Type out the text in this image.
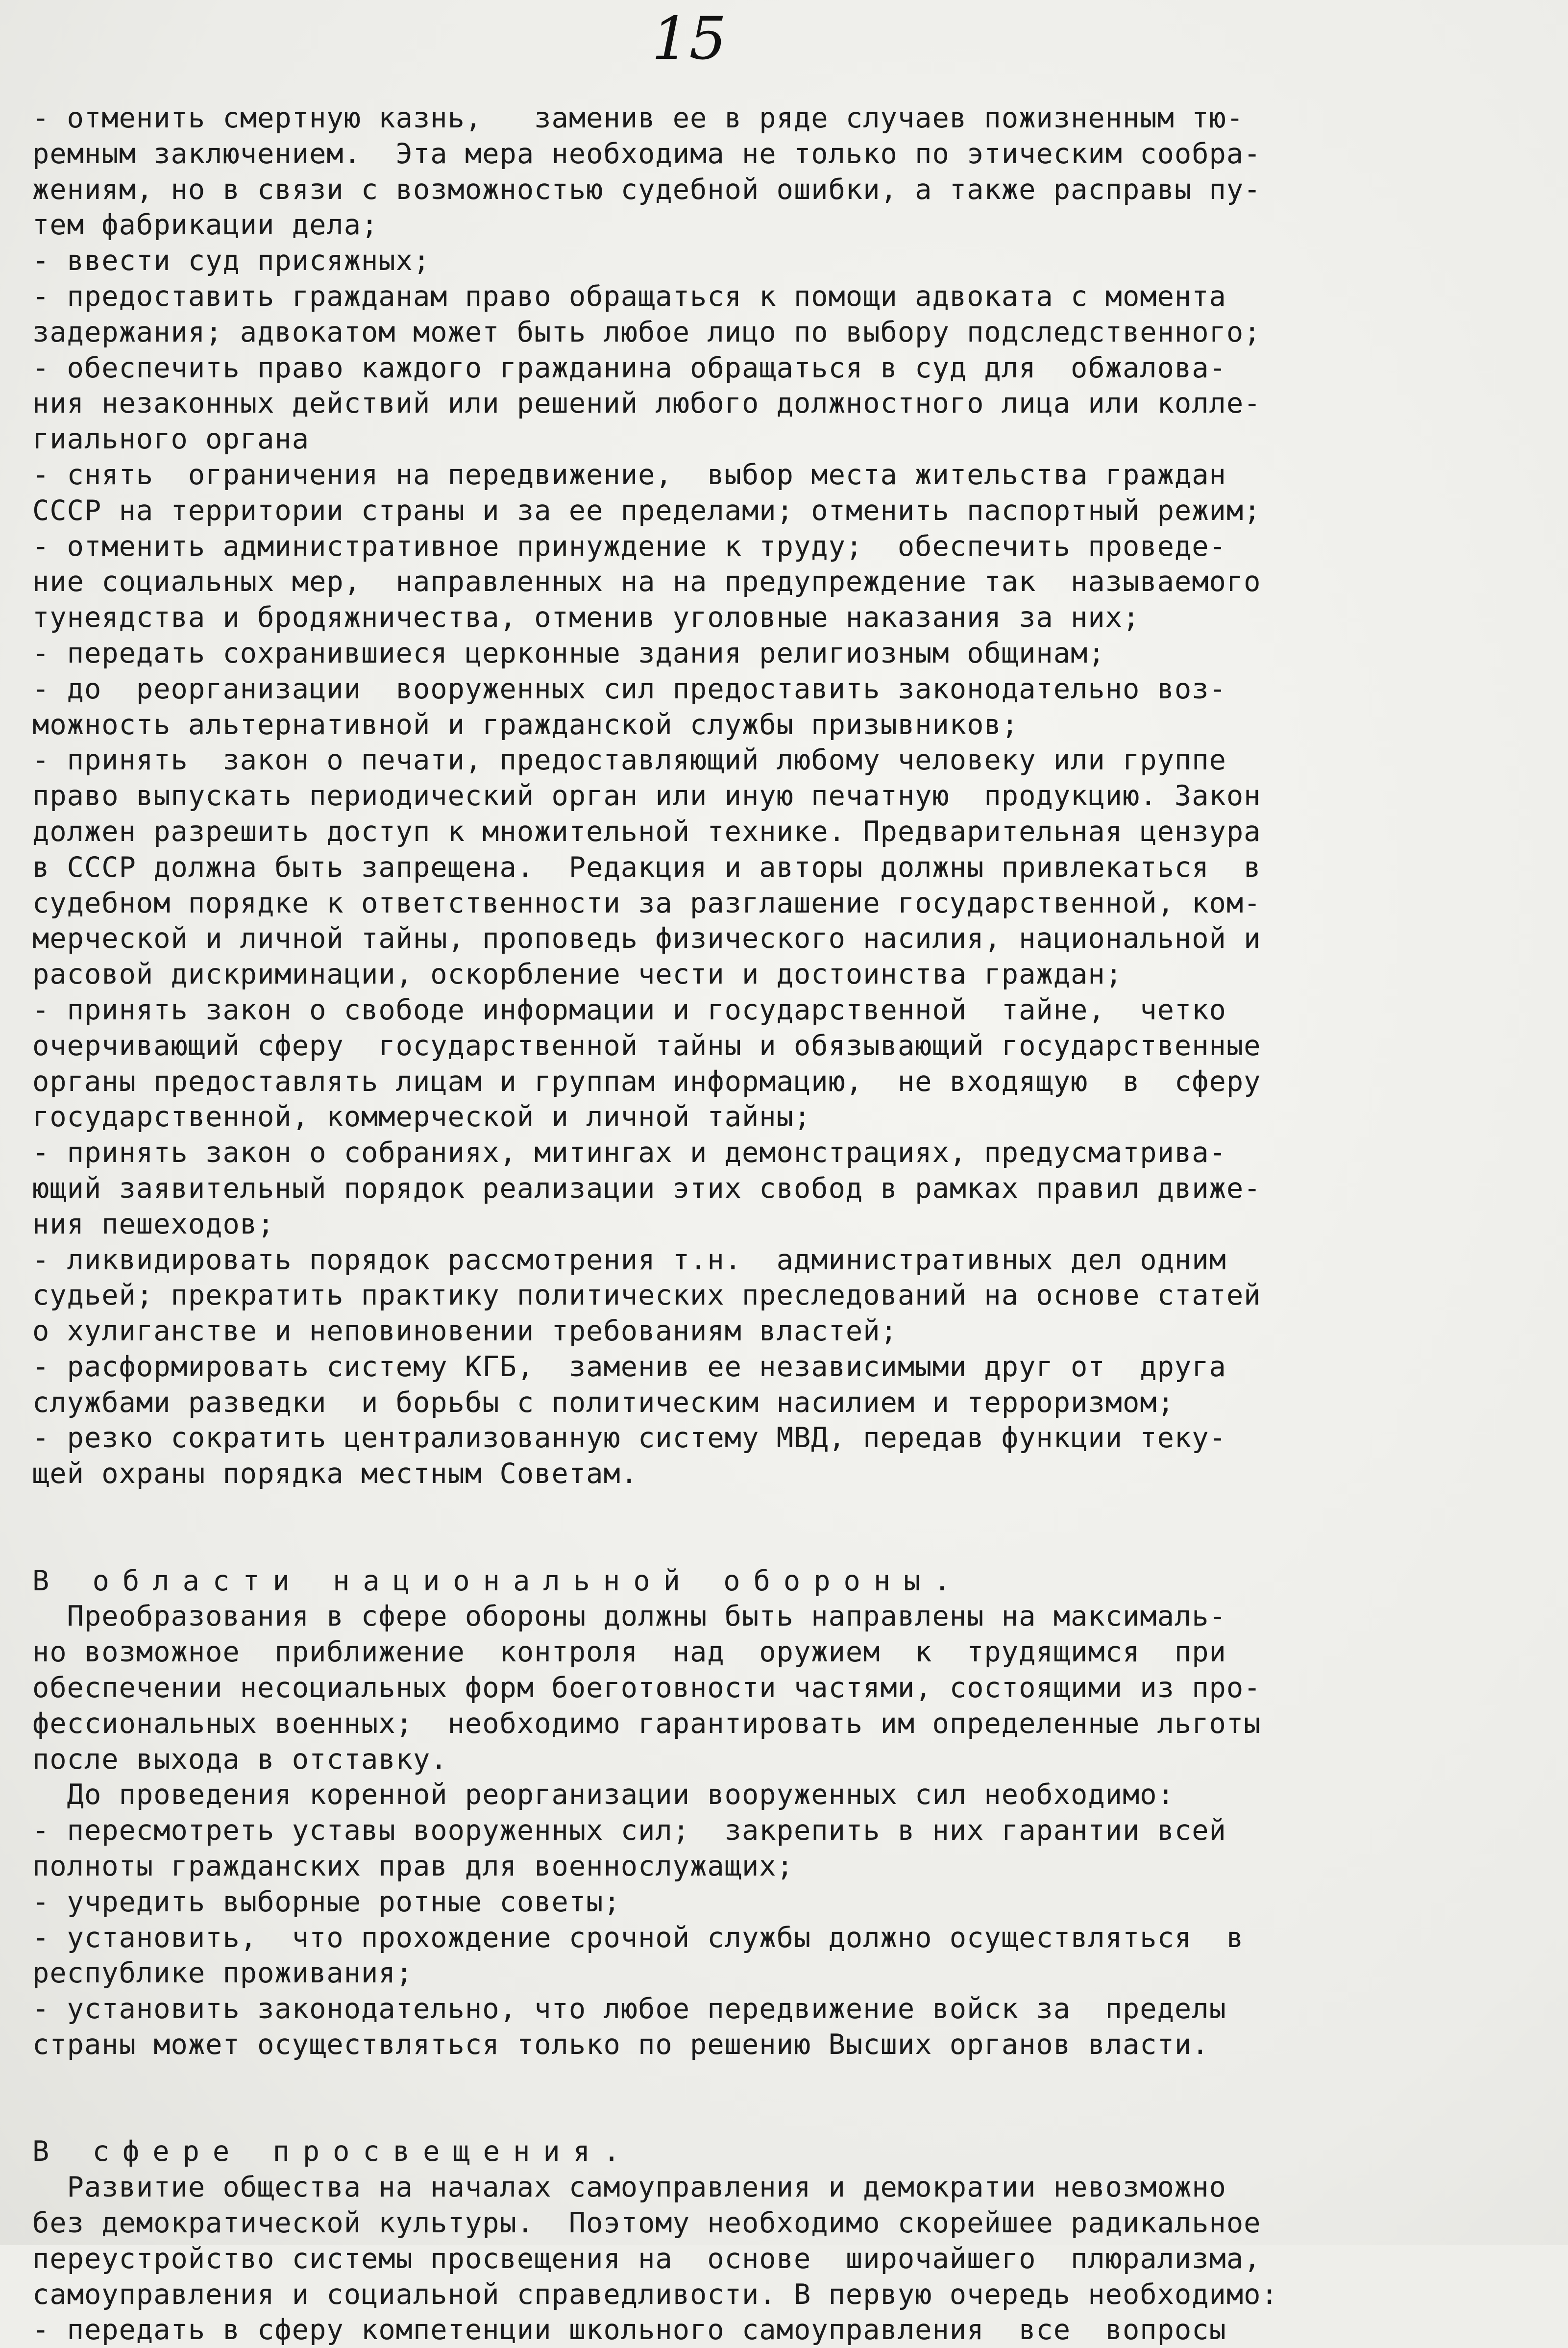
15
- отменить смертную казнь,   заменив ее в ряде случаев пожизненным тю-
ремным заключением.  Эта мера необходима не только по этическим сообра-
жениям, но в связи с возможностью судебной ошибки, а также расправы пу-
тем фабрикации дела;
- ввести суд присяжных;
- предоставить гражданам право обращаться к помощи адвоката с момента
задержания; адвокатом может быть любое лицо по выбору подследственного;
- обеспечить право каждого гражданина обращаться в суд для  обжалова-
ния незаконных действий или решений любого должностного лица или колле-
гиального органа
- снять  ограничения на передвижение,  выбор места жительства граждан
СССР на территории страны и за ее пределами; отменить паспортный режим;
- отменить административное принуждение к труду;  обеспечить проведе-
ние социальных мер,  направленных на на предупреждение так  называемого
тунеядства и бродяжничества, отменив уголовные наказания за них;
- передать сохранившиеся церконные здания религиозным общинам;
- до  реорганизации  вооруженных сил предоставить законодательно воз-
можность альтернативной и гражданской службы призывников;
- принять  закон о печати, предоставляющий любому человеку или группе
право выпускать периодический орган или иную печатную  продукцию. Закон
должен разрешить доступ к множительной технике. Предварительная цензура
в СССР должна быть запрещена.  Редакция и авторы должны привлекаться  в
судебном порядке к ответственности за разглашение государственной, ком-
мерческой и личной тайны, проповедь физического насилия, национальной и
расовой дискриминации, оскорбление чести и достоинства граждан;
- принять закон о свободе информации и государственной  тайне,  четко
очерчивающий сферу  государственной тайны и обязывающий государственные
органы предоставлять лицам и группам информацию,  не входящую  в  сферу
государственной, коммерческой и личной тайны;
- принять закон о собраниях, митингах и демонстрациях, предусматрива-
ющий заявительный порядок реализации этих свобод в рамках правил движе-
ния пешеходов;
- ликвидировать порядок рассмотрения т.н.  административных дел одним
судьей; прекратить практику политических преследований на основе статей
о хулиганстве и неповиновении требованиям властей;
- расформировать систему КГБ,  заменив ее независимыми друг от  друга
службами разведки  и борьбы с политическим насилием и терроризмом;
- резко сократить централизованную систему МВД, передав функции теку-
щей охраны порядка местным Советам.
В области национальной обороны.
Преобразования в сфере обороны должны быть направлены на максималь-
но возможное  приближение  контроля  над  оружием  к  трудящимся  при
обеспечении несоциальных форм боеготовности частями, состоящими из про-
фессиональных военных;  необходимо гарантировать им определенные льготы
после выхода в отставку.
До проведения коренной реорганизации вооруженных сил необходимо:
- пересмотреть уставы вооруженных сил;  закрепить в них гарантии всей
полноты гражданских прав для военнослужащих;
- учредить выборные ротные советы;
- установить,  что прохождение срочной службы должно осуществляться  в
республике проживания;
- установить законодательно, что любое передвижение войск за  пределы
страны может осуществляться только по решению Высших органов власти.
В сфере просвещения.
Развитие общества на началах самоуправления и демократии невозможно
без демократической культуры.  Поэтому необходимо скорейшее радикальное
переустройство системы просвещения на  основе  широчайшего  плюрализма,
самоуправления и социальной справедливости. В первую очередь необходимо:
- передать в сферу компетенции школьного самоуправления  все  вопросы
